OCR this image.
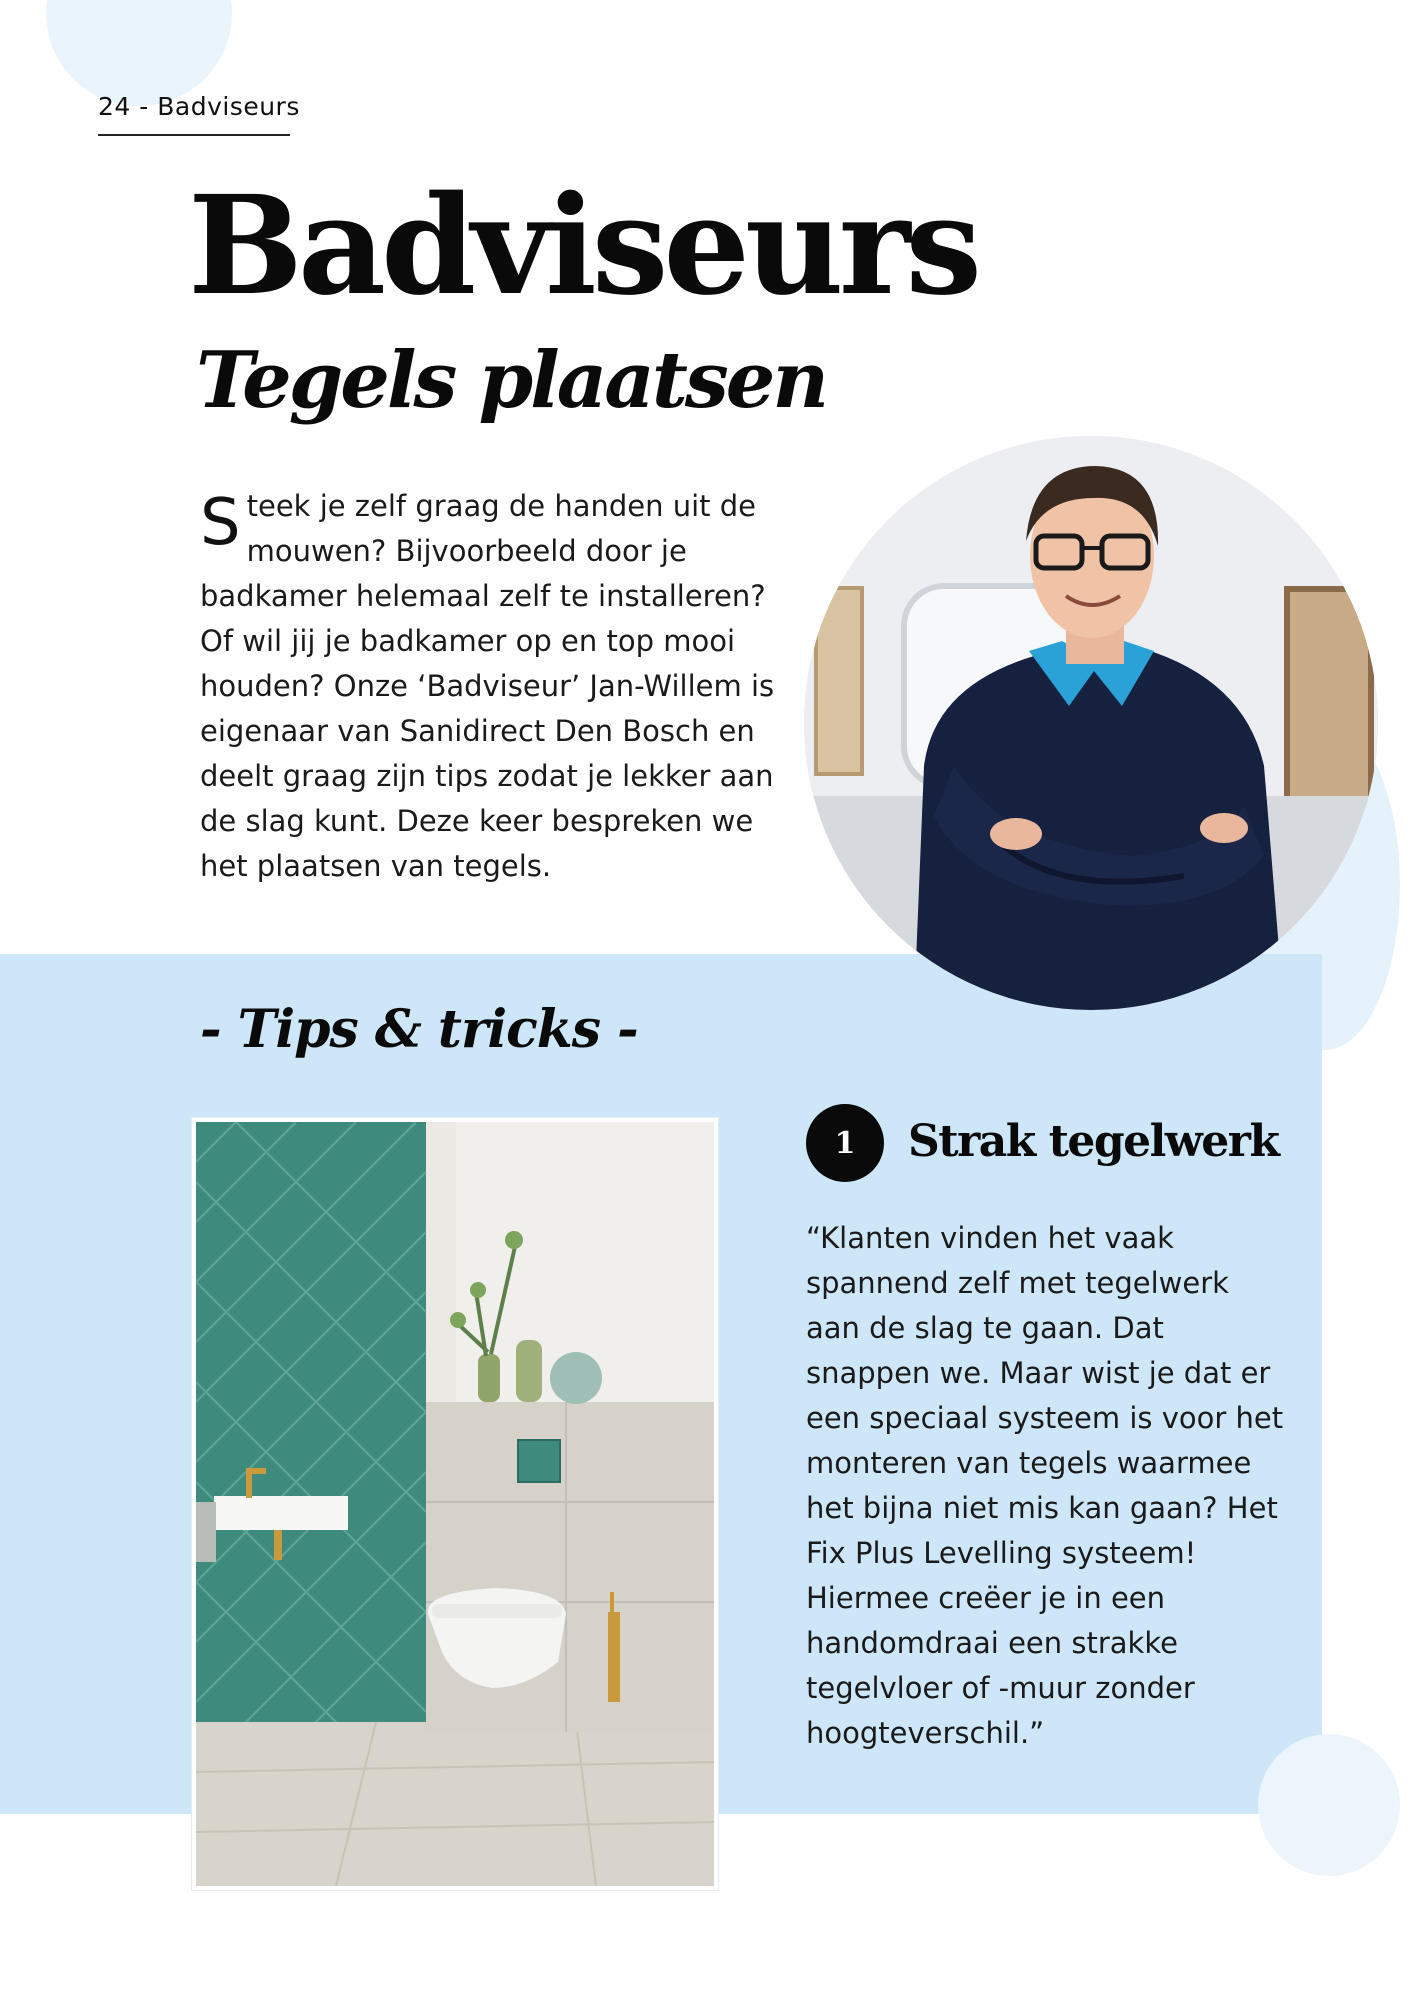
24 - Badviseurs
Badviseurs
Tegels plaatsen
S teek je zelf graag de handen uit de mouwen? Bijvoorbeeld door je badkamer helemaal zelf te installeren? Of wil jij je badkamer op en top mooi houden? Onze ‘Badviseur’ Jan-Willem is eigenaar van Sanidirect Den Bosch en deelt graag zijn tips zodat je lekker aan de slag kunt. Deze keer bespreken we het plaatsen van tegels.
- Tips & tricks -
1	Strak tegelwerk

“Klanten vinden het vaak spannend zelf met tegelwerk aan de slag te gaan. Dat snappen we. Maar wist je dat er een speciaal systeem is voor het monteren van tegels waarmee het bijna niet mis kan gaan? Het Fix Plus Levelling systeem! Hiermee creëer je in een handomdraai een strakke tegelvloer of -muur zonder hoogteverschil.”
